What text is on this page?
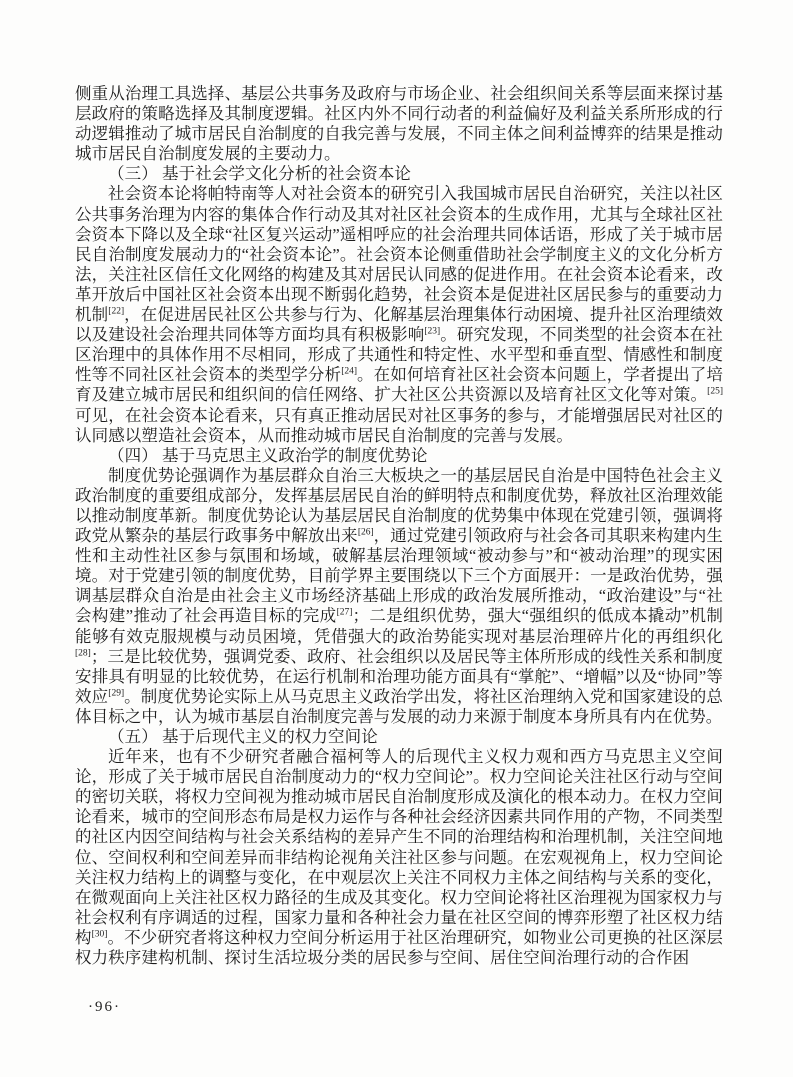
侧重从治理工具选择、基层公共事务及政府与市场企业、社会组织间关系等层面来探讨基层政府的策略选择及其制度逻辑。社区内外不同行动者的利益偏好及利益关系所形成的行动逻辑推动了城市居民自治制度的自我完善与发展，不同主体之间利益博弈的结果是推动城市居民自治制度发展的主要动力。

（三） 基于社会学文化分析的社会资本论

社会资本论将帕特南等人对社会资本的研究引入我国城市居民自治研究，关注以社区公共事务治理为内容的集体合作行动及其对社区社会资本的生成作用，尤其与全球社区社会资本下降以及全球“社区复兴运动”遥相呼应的社会治理共同体话语，形成了关于城市居民自治制度发展动力的“社会资本论”。社会资本论侧重借助社会学制度主义的文化分析方法，关注社区信任文化网络的构建及其对居民认同感的促进作用。在社会资本论看来，改革开放后中国社区社会资本出现不断弱化趋势，社会资本是促进社区居民参与的重要动力机制[22]，在促进居民社区公共参与行为、化解基层治理集体行动困境、提升社区治理绩效以及建设社会治理共同体等方面均具有积极影响[23]。研究发现，不同类型的社会资本在社区治理中的具体作用不尽相同，形成了共通性和特定性、水平型和垂直型、情感性和制度性等不同社区社会资本的类型学分析[24]。在如何培育社区社会资本问题上，学者提出了培育及建立城市居民和组织间的信任网络、扩大社区公共资源以及培育社区文化等对策。[25]可见，在社会资本论看来，只有真正推动居民对社区事务的参与，才能增强居民对社区的认同感以塑造社会资本，从而推动城市居民自治制度的完善与发展。

（四） 基于马克思主义政治学的制度优势论

制度优势论强调作为基层群众自治三大板块之一的基层居民自治是中国特色社会主义政治制度的重要组成部分，发挥基层居民自治的鲜明特点和制度优势，释放社区治理效能以推动制度革新。制度优势论认为基层居民自治制度的优势集中体现在党建引领，强调将政党从繁杂的基层行政事务中解放出来[26]，通过党建引领政府与社会各司其职来构建内生性和主动性社区参与氛围和场域，破解基层治理领域“被动参与”和“被动治理”的现实困境。对于党建引领的制度优势，目前学界主要围绕以下三个方面展开：一是政治优势，强调基层群众自治是由社会主义市场经济基础上形成的政治发展所推动，“政治建设”与“社会构建”推动了社会再造目标的完成[27]；二是组织优势，强大“强组织的低成本撬动”机制能够有效克服规模与动员困境，凭借强大的政治势能实现对基层治理碎片化的再组织化[28]；三是比较优势，强调党委、政府、社会组织以及居民等主体所形成的线性关系和制度安排具有明显的比较优势，在运行机制和治理功能方面具有“掌舵”、“增幅”以及“协同”等效应[29]。制度优势论实际上从马克思主义政治学出发，将社区治理纳入党和国家建设的总体目标之中，认为城市基层自治制度完善与发展的动力来源于制度本身所具有内在优势。

（五） 基于后现代主义的权力空间论

近年来，也有不少研究者融合福柯等人的后现代主义权力观和西方马克思主义空间论，形成了关于城市居民自治制度动力的“权力空间论”。权力空间论关注社区行动与空间的密切关联，将权力空间视为推动城市居民自治制度形成及演化的根本动力。在权力空间论看来，城市的空间形态布局是权力运作与各种社会经济因素共同作用的产物，不同类型的社区内因空间结构与社会关系结构的差异产生不同的治理结构和治理机制，关注空间地位、空间权利和空间差异而非结构论视角关注社区参与问题。在宏观视角上，权力空间论关注权力结构上的调整与变化，在中观层次上关注不同权力主体之间结构与关系的变化，在微观面向上关注社区权力路径的生成及其变化。权力空间论将社区治理视为国家权力与社会权利有序调适的过程，国家力量和各种社会力量在社区空间的博弈形塑了社区权力结构[30]。不少研究者将这种权力空间分析运用于社区治理研究，如物业公司更换的社区深层权力秩序建构机制、探讨生活垃圾分类的居民参与空间、居住空间治理行动的合作困

·96·
